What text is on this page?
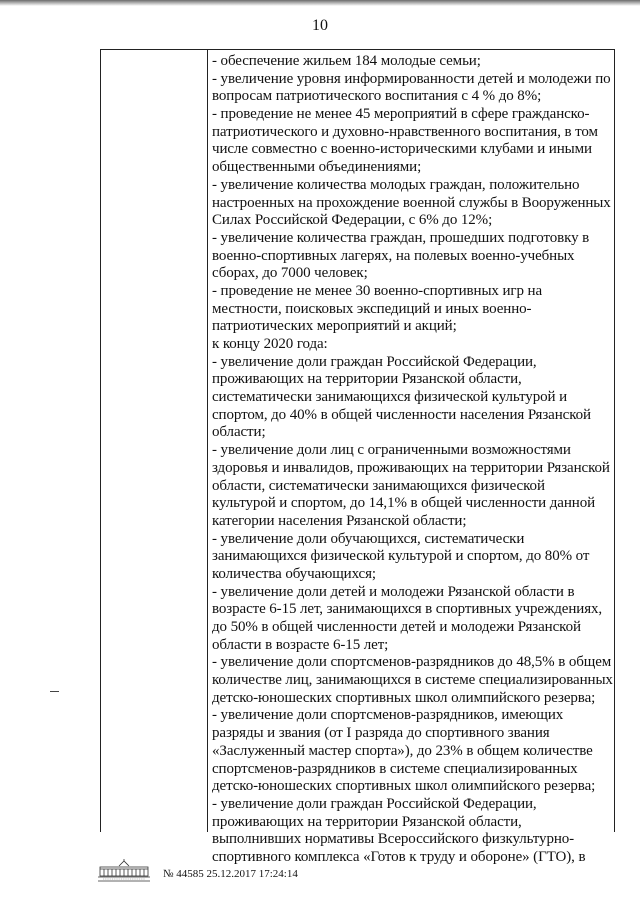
10
- обеспечение жильем 184 молодые семьи;
- увеличение уровня информированности детей и молодежи по
вопросам патриотического воспитания с 4 % до 8%;
- проведение не менее 45 мероприятий в сфере гражданско-
патриотического и духовно-нравственного воспитания, в том
числе совместно с военно-историческими клубами и иными
общественными объединениями;
- увеличение количества молодых граждан, положительно
настроенных на прохождение военной службы в Вооруженных
Силах Российской Федерации, с 6% до 12%;
- увеличение количества граждан, прошедших подготовку в
военно-спортивных лагерях, на полевых военно-учебных
сборах, до 7000 человек;
- проведение не менее 30 военно-спортивных игр на
местности, поисковых экспедиций и иных военно-
патриотических мероприятий и акций;
к концу 2020 года:
- увеличение доли граждан Российской Федерации,
проживающих на территории Рязанской области,
систематически занимающихся физической культурой и
спортом, до 40% в общей численности населения Рязанской
области;
- увеличение доли лиц с ограниченными возможностями
здоровья и инвалидов, проживающих на территории Рязанской
области, систематически занимающихся физической
культурой и спортом, до 14,1% в общей численности данной
категории населения Рязанской области;
- увеличение доли обучающихся, систематически
занимающихся физической культурой и спортом, до 80% от
количества обучающихся;
- увеличение доли детей и молодежи Рязанской области в
возрасте 6-15 лет, занимающихся в спортивных учреждениях,
до 50% в общей численности детей и молодежи Рязанской
области в возрасте 6-15 лет;
- увеличение доли спортсменов-разрядников до 48,5% в общем
количестве лиц, занимающихся в системе специализированных
детско-юношеских спортивных школ олимпийского резерва;
- увеличение доли спортсменов-разрядников, имеющих
разряды и звания (от I разряда до спортивного звания
«Заслуженный мастер спорта»), до 23% в общем количестве
спортсменов-разрядников в системе специализированных
детско-юношеских спортивных школ олимпийского резерва;
- увеличение доли граждан Российской Федерации,
проживающих на территории Рязанской области,
выполнивших нормативы Всероссийского физкультурно-
спортивного комплекса «Готов к труду и обороне» (ГТО), в
№ 44585 25.12.2017 17:24:14
